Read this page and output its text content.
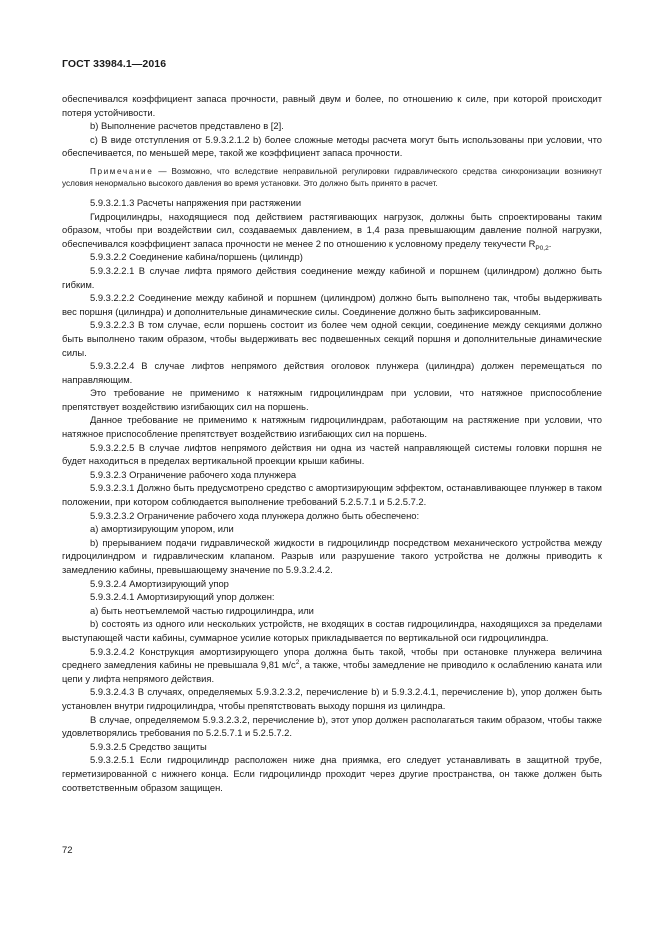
ГОСТ 33984.1—2016

обеспечивался коэффициент запаса прочности, равный двум и более, по отношению к силе, при которой происходит потеря устойчивости.

b) Выполнение расчетов представлено в [2].

с) В виде отступления от 5.9.3.2.1.2 b) более сложные методы расчета могут быть использованы при условии, что обеспечивается, по меньшей мере, такой же коэффициент запаса прочности.

Примечание — Возможно, что вследствие неправильной регулировки гидравлического средства синхронизации возникнут условия ненормально высокого давления во время установки. Это должно быть принято в расчет.

5.9.3.2.1.3 Расчеты напряжения при растяжении

Гидроцилиндры, находящиеся под действием растягивающих нагрузок, должны быть спроектированы таким образом, чтобы при воздействии сил, создаваемых давлением, в 1,4 раза превышающим давление полной нагрузки, обеспечивался коэффициент запаса прочности не менее 2 по отношению к условному пределу текучести $R_{P0,2}$.

5.9.3.2.2 Соединение кабина/поршень (цилиндр)

5.9.3.2.2.1 В случае лифта прямого действия соединение между кабиной и поршнем (цилиндром) должно быть гибким.

5.9.3.2.2.2 Соединение между кабиной и поршнем (цилиндром) должно быть выполнено так, чтобы выдерживать вес поршня (цилиндра) и дополнительные динамические силы. Соединение должно быть зафиксированным.

5.9.3.2.2.3 В том случае, если поршень состоит из более чем одной секции, соединение между секциями должно быть выполнено таким образом, чтобы выдерживать вес подвешенных секций поршня и дополнительные динамические силы.

5.9.3.2.2.4 В случае лифтов непрямого действия оголовок плунжера (цилиндра) должен перемещаться по направляющим.

Это требование не применимо к натяжным гидроцилиндрам при условии, что натяжное приспособление препятствует воздействию изгибающих сил на поршень.

Данное требование не применимо к натяжным гидроцилиндрам, работающим на растяжение при условии, что натяжное приспособление препятствует воздействию изгибающих сил на поршень.

5.9.3.2.2.5 В случае лифтов непрямого действия ни одна из частей направляющей системы головки поршня не будет находиться в пределах вертикальной проекции крыши кабины.

5.9.3.2.3 Ограничение рабочего хода плунжера

5.9.3.2.3.1 Должно быть предусмотрено средство с амортизирующим эффектом, останавливающее плунжер в таком положении, при котором соблюдается выполнение требований 5.2.5.7.1 и 5.2.5.7.2.

5.9.3.2.3.2 Ограничение рабочего хода плунжера должно быть обеспечено:

а) амортизирующим упором, или

b) прерыванием подачи гидравлической жидкости в гидроцилиндр посредством механического устройства между гидроцилиндром и гидравлическим клапаном. Разрыв или разрушение такого устройства не должны приводить к замедлению кабины, превышающему значение по 5.9.3.2.4.2.

5.9.3.2.4 Амортизирующий упор

5.9.3.2.4.1 Амортизирующий упор должен:

а) быть неотъемлемой частью гидроцилиндра, или

b) состоять из одного или нескольких устройств, не входящих в состав гидроцилиндра, находящихся за пределами выступающей части кабины, суммарное усилие которых прикладывается по вертикальной оси гидроцилиндра.

5.9.3.2.4.2 Конструкция амортизирующего упора должна быть такой, чтобы при остановке плунжера величина среднего замедления кабины не превышала 9,81 $м/с^2$, а также, чтобы замедление не приводило к ослаблению каната или цепи у лифта непрямого действия.

5.9.3.2.4.3 В случаях, определяемых 5.9.3.2.3.2, перечисление b) и 5.9.3.2.4.1, перечисление b), упор должен быть установлен внутри гидроцилиндра, чтобы препятствовать выходу поршня из цилиндра.

В случае, определяемом 5.9.3.2.3.2, перечисление b), этот упор должен располагаться таким образом, чтобы также удовлетворялись требования по 5.2.5.7.1 и 5.2.5.7.2.

5.9.3.2.5 Средство защиты

5.9.3.2.5.1 Если гидроцилиндр расположен ниже дна приямка, его следует устанавливать в защитной трубе, герметизированной с нижнего конца. Если гидроцилиндр проходит через другие пространства, он также должен быть соответственным образом защищен.

72
